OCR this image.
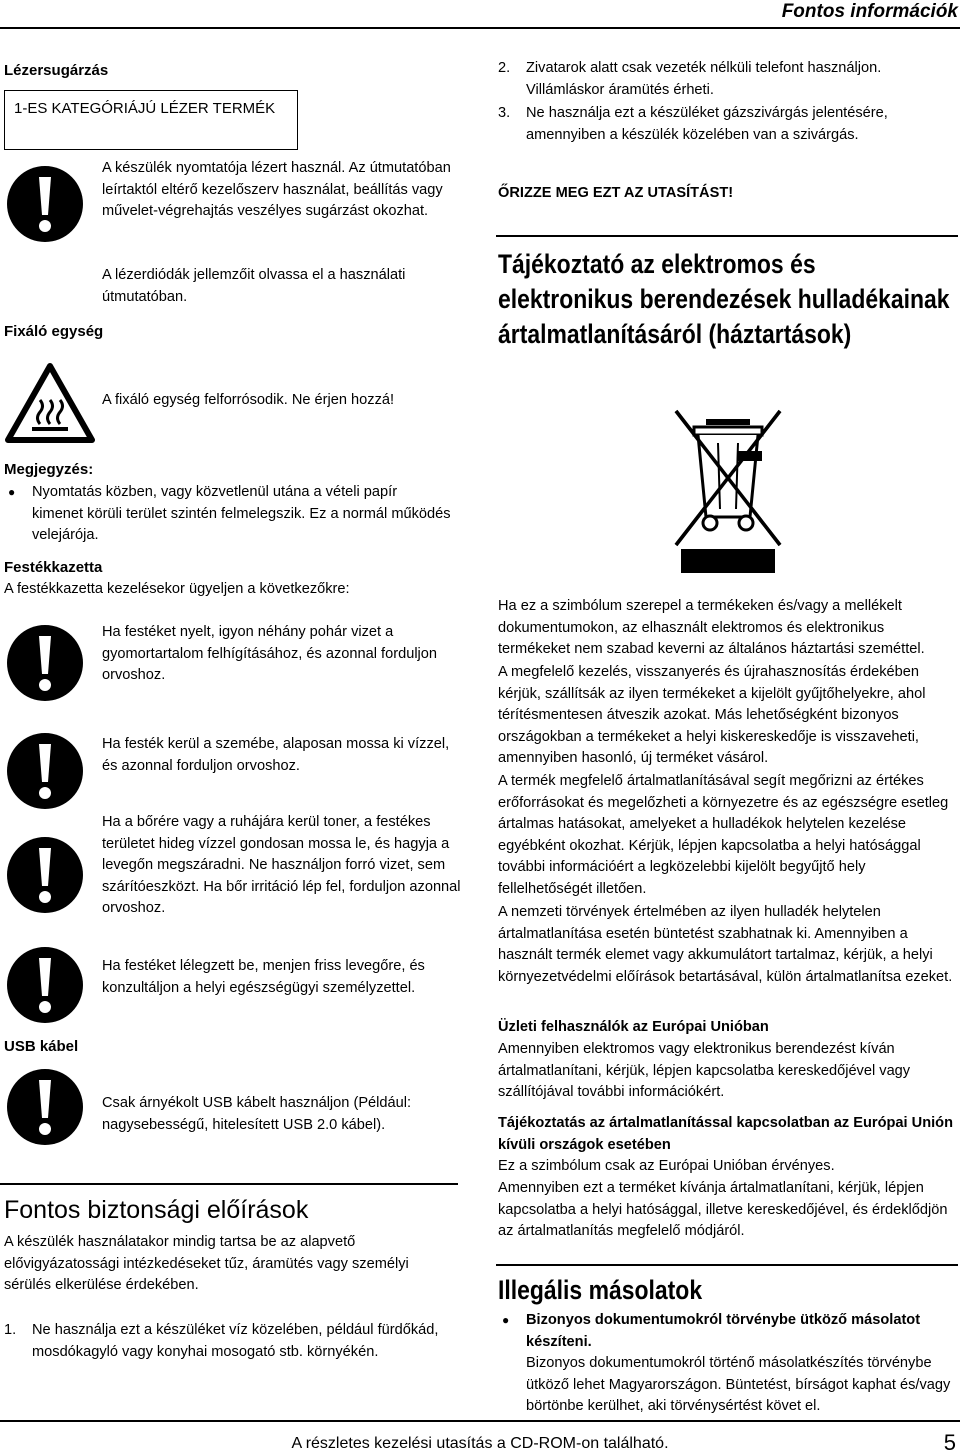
Fontos információk
Lézersugárzás
1-ES KATEGÓRIÁJÚ LÉZER TERMÉK
A készülék nyomtatója lézert használ. Az útmutatóban leírtaktól eltérő kezelőszerv használat, beállítás vagy művelet-végrehajtás veszélyes sugárzást okozhat.
A lézerdiódák jellemzőit olvassa el a használati útmutatóban.
Fixáló egység
A fixáló egység felforrósodik. Ne érjen hozzá!
Megjegyzés:
● Nyomtatás közben, vagy közvetlenül utána a vételi papír kimenet körüli terület szintén felmelegszik. Ez a normál működés velejárója.
Festékkazetta
A festékkazetta kezelésekor ügyeljen a következőkre:
Ha festéket nyelt, igyon néhány pohár vizet a gyomortartalom felhígításához, és azonnal forduljon orvoshoz.
Ha festék kerül a szemébe, alaposan mossa ki vízzel, és azonnal forduljon orvoshoz.
Ha a bőrére vagy a ruhájára kerül toner, a festékes területet hideg vízzel gondosan mossa le, és hagyja a levegőn megszáradni. Ne használjon forró vizet, sem szárítóeszközt. Ha bőr irritáció lép fel, forduljon azonnal orvoshoz.
Ha festéket lélegzett be, menjen friss levegőre, és konzultáljon a helyi egészségügyi személyzettel.
USB kábel
Csak árnyékolt USB kábelt használjon (Például: nagysebességű, hitelesített USB 2.0 kábel).
Fontos biztonsági előírások
A készülék használatakor mindig tartsa be az alapvető elővigyázatossági intézkedéseket tűz, áramütés vagy személyi sérülés elkerülése érdekében.
1.	Ne használja ezt a készüléket víz közelében, például fürdőkád, mosdókagyló vagy konyhai mosogató stb. környékén.
2.	Zivatarok alatt csak vezeték nélküli telefont használjon. Villámláskor áramütés érheti.
3.	Ne használja ezt a készüléket gázszivárgás jelentésére, amennyiben a készülék közelében van a szivárgás.
ŐRIZZE MEG EZT AZ UTASÍTÁST!
Tájékoztató az elektromos és elektronikus berendezések hulladékainak ártalmatlanításáról (háztartások)
Ha ez a szimbólum szerepel a termékeken és/vagy a mellékelt dokumentumokon, az elhasznált elektromos és elektronikus termékeket nem szabad keverni az általános háztartási szeméttel.
A megfelelő kezelés, visszanyerés és újrahasznosítás érdekében kérjük, szállítsák az ilyen termékeket a kijelölt gyűjtőhelyekre, ahol térítésmentesen átveszik azokat. Más lehetőségként bizonyos országokban a termékeket a helyi kiskereskedője is visszaveheti, amennyiben hasonló, új terméket vásárol.
A termék megfelelő ártalmatlanításával segít megőrizni az értékes erőforrásokat és megelőzheti a környezetre és az egészségre esetleg ártalmas hatásokat, amelyeket a hulladékok helytelen kezelése egyébként okozhat. Kérjük, lépjen kapcsolatba a helyi hatósággal további információért a legközelebbi kijelölt begyűjtő hely fellelhetőségét illetően.
A nemzeti törvények értelmében az ilyen hulladék helytelen ártalmatlanítása esetén büntetést szabhatnak ki. Amennyiben a használt termék elemet vagy akkumulátort tartalmaz, kérjük, a helyi környezetvédelmi előírások betartásával, külön ártalmatlanítsa ezeket.
Üzleti felhasználók az Európai Unióban
Amennyiben elektromos vagy elektronikus berendezést kíván ártalmatlanítani, kérjük, lépjen kapcsolatba kereskedőjével vagy szállítójával további információkért.
Tájékoztatás az ártalmatlanítással kapcsolatban az Európai Unión kívüli országok esetében
Ez a szimbólum csak az Európai Unióban érvényes.
Amennyiben ezt a terméket kívánja ártalmatlanítani, kérjük, lépjen kapcsolatba a helyi hatósággal, illetve kereskedőjével, és érdeklődjön az ártalmatlanítás megfelelő módjáról.
Illegális másolatok
● Bizonyos dokumentumokról törvénybe ütköző másolatot készíteni.
Bizonyos dokumentumokról történő másolatkészítés törvénybe ütköző lehet Magyarországon. Büntetést, bírságot kaphat és/vagy börtönbe kerülhet, aki törvénysértést követ el.
A részletes kezelési utasítás a CD-ROM-on található.	5
